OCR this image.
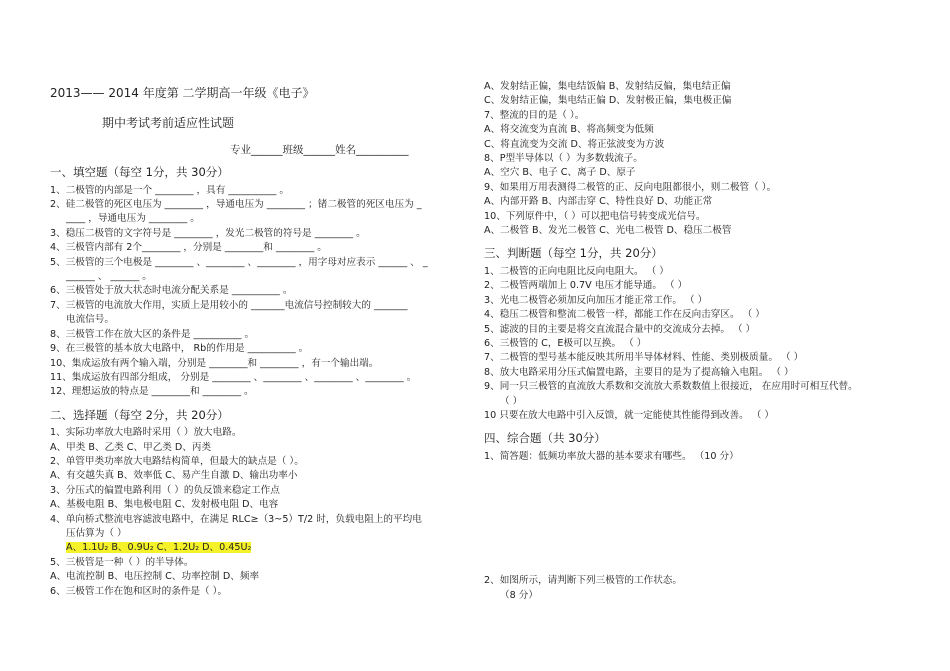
2013—— 2014 年度第 二学期高一年级《电子》
期中考试考前适应性试题
专业______班级______姓名__________
一、填空题（每空 1分，共 30分）
1、二极管的内部是一个 ________ ，具有 __________ 。
2、硅二极管的死区电压为 ________ ，导通电压为 ________ ；锗二极管的死区电压为 _
____ ，导通电压为 ________ 。
3、稳压二极管的文字符号是 ________ ，发光二极管的符号是 ________ 。
4、三极管内部有 2个________ ，分别是 ________和 ________ 。
5、三极管的三个电极是 ________ 、________ 、________ ，用字母对应表示 ______ 、 _
______ 、 ______ 。
6、三极管处于放大状态时电流分配关系是 __________ 。
7、三极管的电流放大作用，实质上是用较小的 _______电流信号控制较大的 _______
电流信号。
8、三极管工作在放大区的条件是 __________ 。
9、在三极管的基本放大电路中， Rb的作用是 __________ 。
10、集成运放有两个输入端，分别是 ________和 ________ ，有一个输出端。
11、集成运放有四部分组成， 分别是 ________ 、________ 、________ 、________ 。
12、理想运放的特点是 ________和 ________ 。
二、选择题（每空 2分，共 20分）
1、实际功率放大电路时采用（ ）放大电路。
A、甲类 B、乙类 C、甲乙类 D、丙类
2、单管甲类功率放大电路结构简单，但最大的缺点是（ ）。
A、有交越失真 B、效率低 C、易产生自激 D、输出功率小
3、分压式的偏置电路利用（ ）的负反馈来稳定工作点
A、基极电阻 B、集电极电阻 C、发射极电阻 D、电容
4、单向桥式整流电容滤波电路中，在满足 RLC≥（3~5）T/2 时，负载电阻上的平均电
压估算为（ ）
A、1.1U₂ B、0.9U₂ C、1.2U₂ D、0.45U₂
5、三极管是一种（ ）的半导体。
A、电流控制 B、电压控制 C、功率控制 D、频率
6、三极管工作在饱和区时的条件是（ ）。
A、发射结正偏，集电结饭偏 B、发射结反偏，集电结正偏
C、发射结正偏，集电结正偏 D、发射极正偏，集电极正偏
7、整流的目的是（ ）。
A、将交流变为直流 B、将高频变为低频
C、将直流变为交流 D、将正弦波变为方波
8、P型半导体以（ ）为多数载流子。
A、空穴 B、电子 C、离子 D、原子
9、如果用万用表测得二极管的正、反向电阻都很小，则二极管（ ）。
A、内部开路 B、内部击穿 C、特性良好 D、功能正常
10、下列原件中，（ ）可以把电信号转变成光信号。
A、二极管 B、发光二极管 C、光电二极管 D、稳压二极管
三、判断题（每空 1分，共 20分）
1、二极管的正向电阻比反向电阻大。 （ ）
2、二极管两端加上 0.7V 电压才能导通。 （ ）
3、光电二极管必须加反向加压才能正常工作。 （ ）
4、稳压二极管和整流二极管一样，都能工作在反向击穿区。 （ ）
5、滤波的目的主要是将交直流混合量中的交流成分去掉。 （ ）
6、三极管的 C，E极可以互换。 （ ）
7、二极管的型号基本能反映其所用半导体材料、性能、类别极质量。 （ ）
8、放大电路采用分压式偏置电路，主要目的是为了提高输入电阻。 （ ）
9、同一只三极管的直流放大系数和交流放大系数数值上很接近， 在应用时可相互代替。
（ ）
10 只要在放大电路中引入反馈，就一定能使其性能得到改善。 （ ）
四、综合题（共 30分）
1、简答题：低频功率放大器的基本要求有哪些。 （10 分）
2、如图所示，请判断下列三极管的工作状态。
（8 分）
